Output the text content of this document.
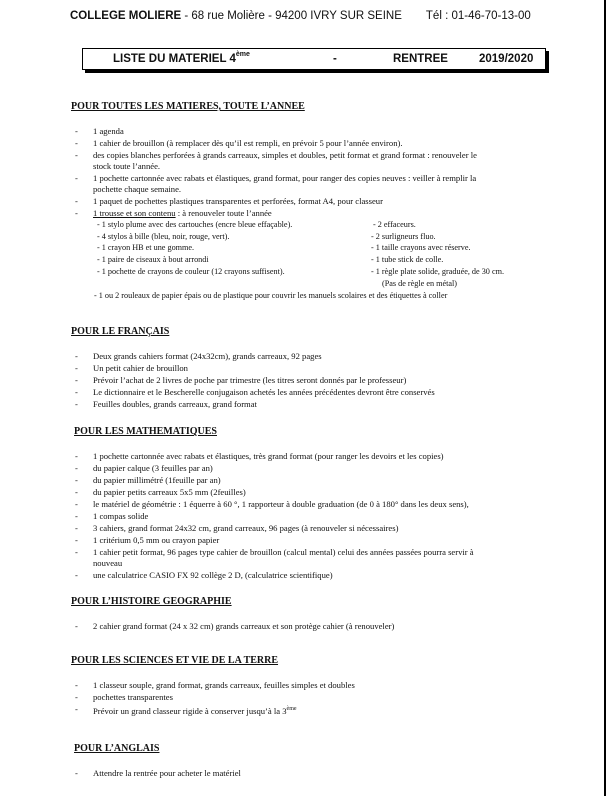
COLLEGE MOLIERE - 68 rue Molière - 94200 IVRY SUR SEINE Tél : 01-46-70-13-00
LISTE DU MATERIEL 4ème	-	RENTREE	2019/2020
POUR TOUTES LES MATIERES, TOUTE L’ANNEE
- 1 agenda
- 1 cahier de brouillon (à remplacer dès qu’il est rempli, en prévoir 5 pour l’année environ).
- des copies blanches perforées à grands carreaux, simples et doubles, petit format et grand format : renouveler le
stock toute l’année.
- 1 pochette cartonnée avec rabats et élastiques, grand format, pour ranger des copies neuves : veiller à remplir la
pochette chaque semaine.
- 1 paquet de pochettes plastiques transparentes et perforées, format A4, pour classeur
- 1 trousse et son contenu : à renouveler toute l’année
- 1 stylo plume avec des cartouches (encre bleue effaçable).
- 4 stylos à bille (bleu, noir, rouge, vert).
- 1 crayon HB et une gomme.
- 1 paire de ciseaux à bout arrondi
- 1 pochette de crayons de couleur (12 crayons suffisent).
- 2 effaceurs.
- 2 surligneurs fluo.
- 1 taille crayons avec réserve.
- 1 tube stick de colle.
- 1 règle plate solide, graduée, de 30 cm.
(Pas de règle en métal)
- 1 ou 2 rouleaux de papier épais ou de plastique pour couvrir les manuels scolaires et des étiquettes à coller
POUR LE FRANÇAIS
- Deux grands cahiers format (24x32cm), grands carreaux, 92 pages
- Un petit cahier de brouillon
- Prévoir l’achat de 2 livres de poche par trimestre (les titres seront donnés par le professeur)
- Le dictionnaire et le Bescherelle conjugaison achetés les années précédentes devront être conservés
- Feuilles doubles, grands carreaux, grand format
POUR LES MATHEMATIQUES
- 1 pochette cartonnée avec rabats et élastiques, très grand format (pour ranger les devoirs et les copies)
- du papier calque (3 feuilles par an)
- du papier millimétré (1feuille par an)
- du papier petits carreaux 5x5 mm (2feuilles)
- le matériel de géométrie : 1 équerre à 60 °, 1 rapporteur à double graduation (de 0 à 180° dans les deux sens),
- 1 compas solide
- 3 cahiers, grand format 24x32 cm, grand carreaux, 96 pages (à renouveler si nécessaires)
- 1 critérium 0,5 mm ou crayon papier
- 1 cahier petit format, 96 pages type cahier de brouillon (calcul mental) celui des années passées pourra servir à
nouveau
- une calculatrice CASIO FX 92 collège 2 D, (calculatrice scientifique)
POUR L’HISTOIRE GEOGRAPHIE
- 2 cahier grand format (24 x 32 cm) grands carreaux et son protège cahier (à renouveler)
POUR LES SCIENCES ET VIE DE LA TERRE
- 1 classeur souple, grand format, grands carreaux, feuilles simples et doubles
- pochettes transparentes
- Prévoir un grand classeur rigide à conserver jusqu’à la 3ème
POUR L’ANGLAIS
- Attendre la rentrée pour acheter le matériel
